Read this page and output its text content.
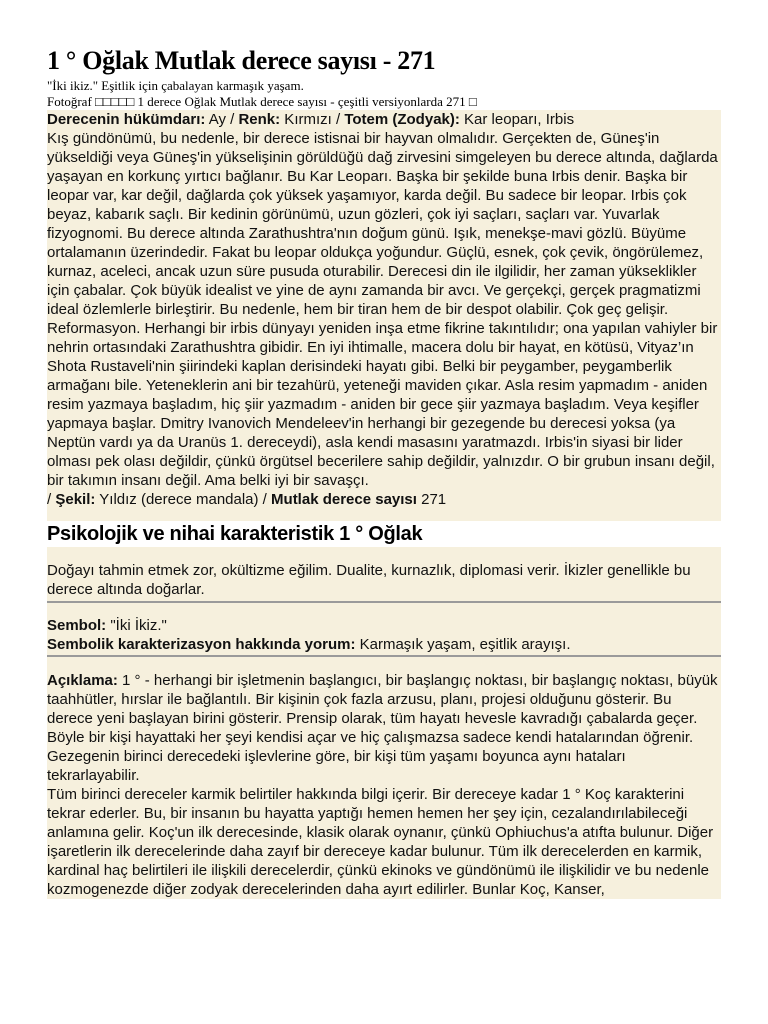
1 ° Oğlak Mutlak derece sayısı - 271

"İki ikiz." Eşitlik için çabalayan karmaşık yaşam.

Fotoğraf □□□□□ 1 derece Oğlak Mutlak derece sayısı - çeşitli versiyonlarda 271 □

Derecenin hükümdarı: Ay / Renk: Kırmızı / Totem (Zodyak): Kar leoparı, Irbis
Kış gündönümü, bu nedenle, bir derece istisnai bir hayvan olmalıdır. Gerçekten de, Güneş'in yükseldiği veya Güneş'in yükselişinin görüldüğü dağ zirvesini simgeleyen bu derece altında, dağlarda yaşayan en korkunç yırtıcı bağlanır. Bu Kar Leoparı. Başka bir şekilde buna Irbis denir. Başka bir leopar var, kar değil, dağlarda çok yüksek yaşamıyor, karda değil. Bu sadece bir leopar. Irbis çok beyaz, kabarık saçlı. Bir kedinin görünümü, uzun gözleri, çok iyi saçları, saçları var. Yuvarlak fizyognomi. Bu derece altında Zarathushtra'nın doğum günü. Işık, menekşe-mavi gözlü. Büyüme ortalamanın üzerindedir. Fakat bu leopar oldukça yoğundur. Güçlü, esnek, çok çevik, öngörülemez, kurnaz, aceleci, ancak uzun süre pusuda oturabilir. Derecesi din ile ilgilidir, her zaman yükseklikler için çabalar. Çok büyük idealist ve yine de aynı zamanda bir avcı. Ve gerçekçi, gerçek pragmatizmi ideal özlemlerle birleştirir. Bu nedenle, hem bir tiran hem de bir despot olabilir. Çok geç gelişir. Reformasyon. Herhangi bir irbis dünyayı yeniden inşa etme fikrine takıntılıdır; ona yapılan vahiyler bir nehrin ortasındaki Zarathushtra gibidir. En iyi ihtimalle, macera dolu bir hayat, en kötüsü, Vityaz’ın Shota Rustaveli'nin şiirindeki kaplan derisindeki hayatı gibi. Belki bir peygamber, peygamberlik armağanı bile. Yeteneklerin ani bir tezahürü, yeteneği maviden çıkar. Asla resim yapmadım - aniden resim yazmaya başladım, hiç şiir yazmadım - aniden bir gece şiir yazmaya başladım. Veya keşifler yapmaya başlar. Dmitry Ivanovich Mendeleev'in herhangi bir gezegende bu derecesi yoksa (ya Neptün vardı ya da Uranüs 1. dereceydi), asla kendi masasını yaratmazdı. Irbis'in siyasi bir lider olması pek olası değildir, çünkü örgütsel becerilere sahip değildir, yalnızdır. O bir grubun insanı değil, bir takımın insanı değil. Ama belki iyi bir savaşçı.
/ Şekil: Yıldız (derece mandala) / Mutlak derece sayısı 271
Psikolojik ve nihai karakteristik 1 ° Oğlak

Doğayı tahmin etmek zor, okültizme eğilim. Dualite, kurnazlık, diplomasi verir. İkizler genellikle bu derece altında doğarlar.

Sembol: "İki İkiz."
Sembolik karakterizasyon hakkında yorum: Karmaşık yaşam, eşitlik arayışı.

Açıklama: 1 ° - herhangi bir işletmenin başlangıcı, bir başlangıç noktası, bir başlangıç noktası, büyük taahhütler, hırslar ile bağlantılı. Bir kişinin çok fazla arzusu, planı, projesi olduğunu gösterir. Bu derece yeni başlayan birini gösterir. Prensip olarak, tüm hayatı hevesle kavradığı çabalarda geçer. Böyle bir kişi hayattaki her şeyi kendisi açar ve hiç çalışmazsa sadece kendi hatalarından öğrenir. Gezegenin birinci derecedeki işlevlerine göre, bir kişi tüm yaşamı boyunca aynı hataları tekrarlayabilir.

Tüm birinci dereceler karmik belirtiler hakkında bilgi içerir. Bir dereceye kadar 1 ° Koç karakterini tekrar ederler. Bu, bir insanın bu hayatta yaptığı hemen hemen her şey için, cezalandırılabileceği anlamına gelir. Koç'un ilk derecesinde, klasik olarak oynanır, çünkü Ophiuchus'a atıfta bulunur. Diğer işaretlerin ilk derecelerinde daha zayıf bir dereceye kadar bulunur. Tüm ilk derecelerden en karmik, kardinal haç belirtileri ile ilişkili derecelerdir, çünkü ekinoks ve gündönümü ile ilişkilidir ve bu nedenle kozmogenezde diğer zodyak derecelerinden daha ayırt edilirler. Bunlar Koç, Kanser,
